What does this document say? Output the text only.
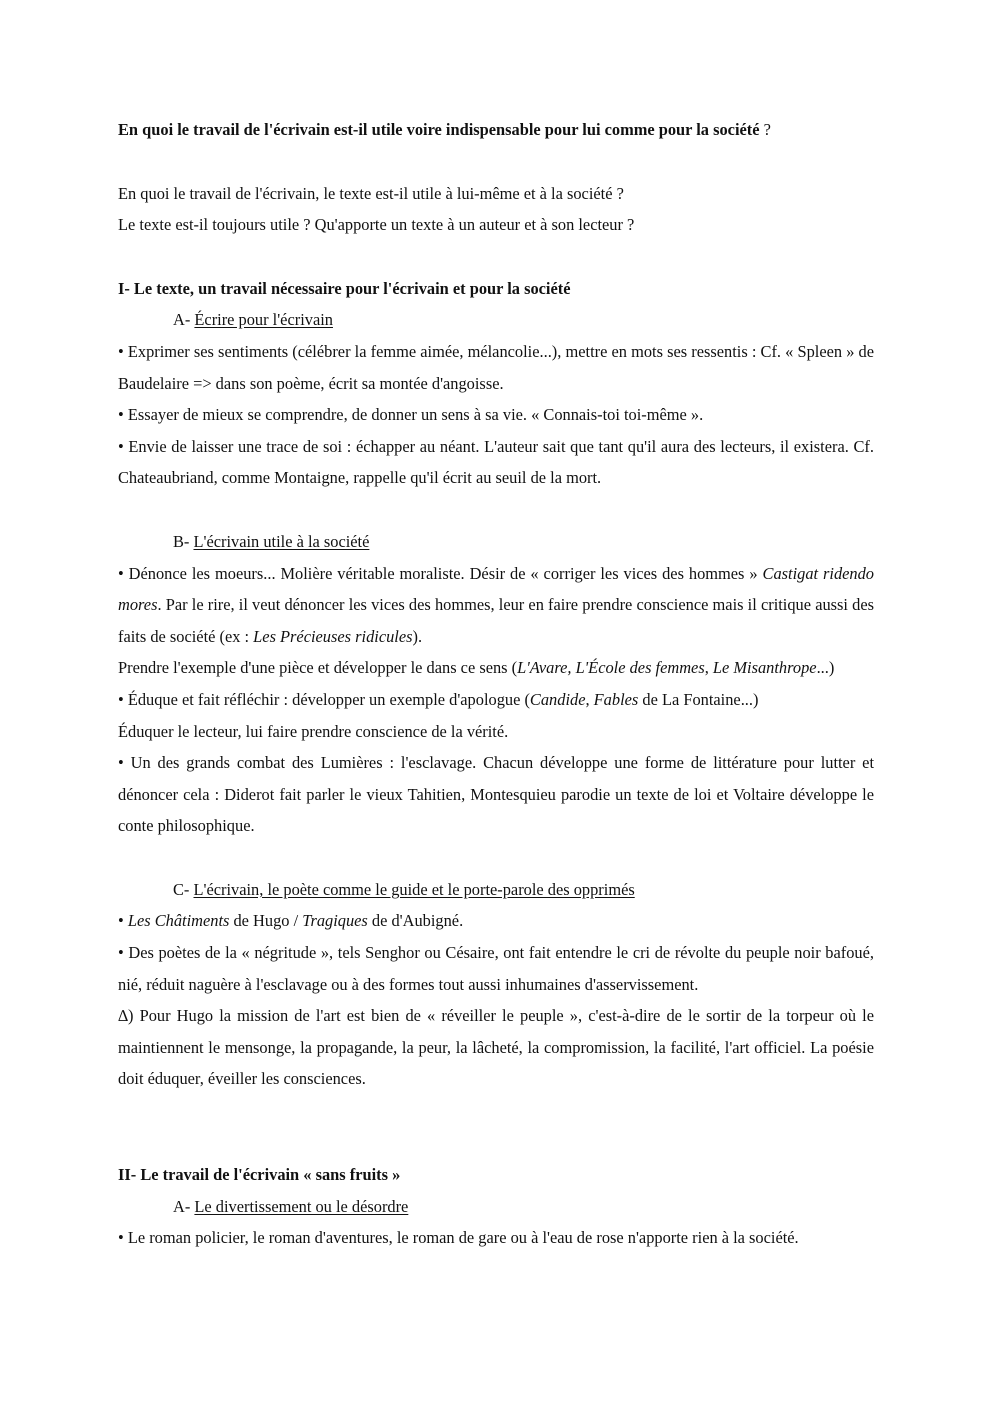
En quoi le travail de l'écrivain est-il utile voire indispensable pour lui comme pour la société ?

En quoi le travail de l'écrivain, le texte est-il utile à lui-même et à la société ?

Le texte est-il toujours utile ? Qu'apporte un texte à un auteur et à son lecteur ?

I- Le texte, un travail nécessaire pour l'écrivain et pour la société

A- Écrire pour l'écrivain

• Exprimer ses sentiments (célébrer la femme aimée, mélancolie...), mettre en mots ses ressentis : Cf. « Spleen » de Baudelaire => dans son poème, écrit sa montée d'angoisse.

• Essayer de mieux se comprendre, de donner un sens à sa vie. « Connais-toi toi-même ».

• Envie de laisser une trace de soi : échapper au néant. L'auteur sait que tant qu'il aura des lecteurs, il existera. Cf. Chateaubriand, comme Montaigne, rappelle qu'il écrit au seuil de la mort.

B- L'écrivain utile à la société

• Dénonce les moeurs... Molière véritable moraliste. Désir de « corriger les vices des hommes » Castigat ridendo mores. Par le rire, il veut dénoncer les vices des hommes, leur en faire prendre conscience mais il critique aussi des faits de société (ex : Les Précieuses ridicules).

Prendre l'exemple d'une pièce et développer le dans ce sens (L'Avare, L'École des femmes, Le Misanthrope...)

• Éduque et fait réfléchir : développer un exemple d'apologue (Candide, Fables de La Fontaine...)

Éduquer le lecteur, lui faire prendre conscience de la vérité.

• Un des grands combat des Lumières : l'esclavage. Chacun développe une forme de littérature pour lutter et dénoncer cela : Diderot fait parler le vieux Tahitien, Montesquieu parodie un texte de loi et Voltaire développe le conte philosophique.

C- L'écrivain, le poète comme le guide et le porte-parole des opprimés

• Les Châtiments de Hugo / Tragiques de d'Aubigné.

• Des poètes de la « négritude », tels Senghor ou Césaire, ont fait entendre le cri de révolte du peuple noir bafoué, nié, réduit naguère à l'esclavage ou à des formes tout aussi inhumaines d'asservissement.

∆) Pour Hugo la mission de l'art est bien de « réveiller le peuple », c'est-à-dire de le sortir de la torpeur où le maintiennent le mensonge, la propagande, la peur, la lâcheté, la compromission, la facilité, l'art officiel. La poésie doit éduquer, éveiller les consciences.

II- Le travail de l'écrivain « sans fruits »

A- Le divertissement ou le désordre

• Le roman policier, le roman d'aventures, le roman de gare ou à l'eau de rose n'apporte rien à la société.
